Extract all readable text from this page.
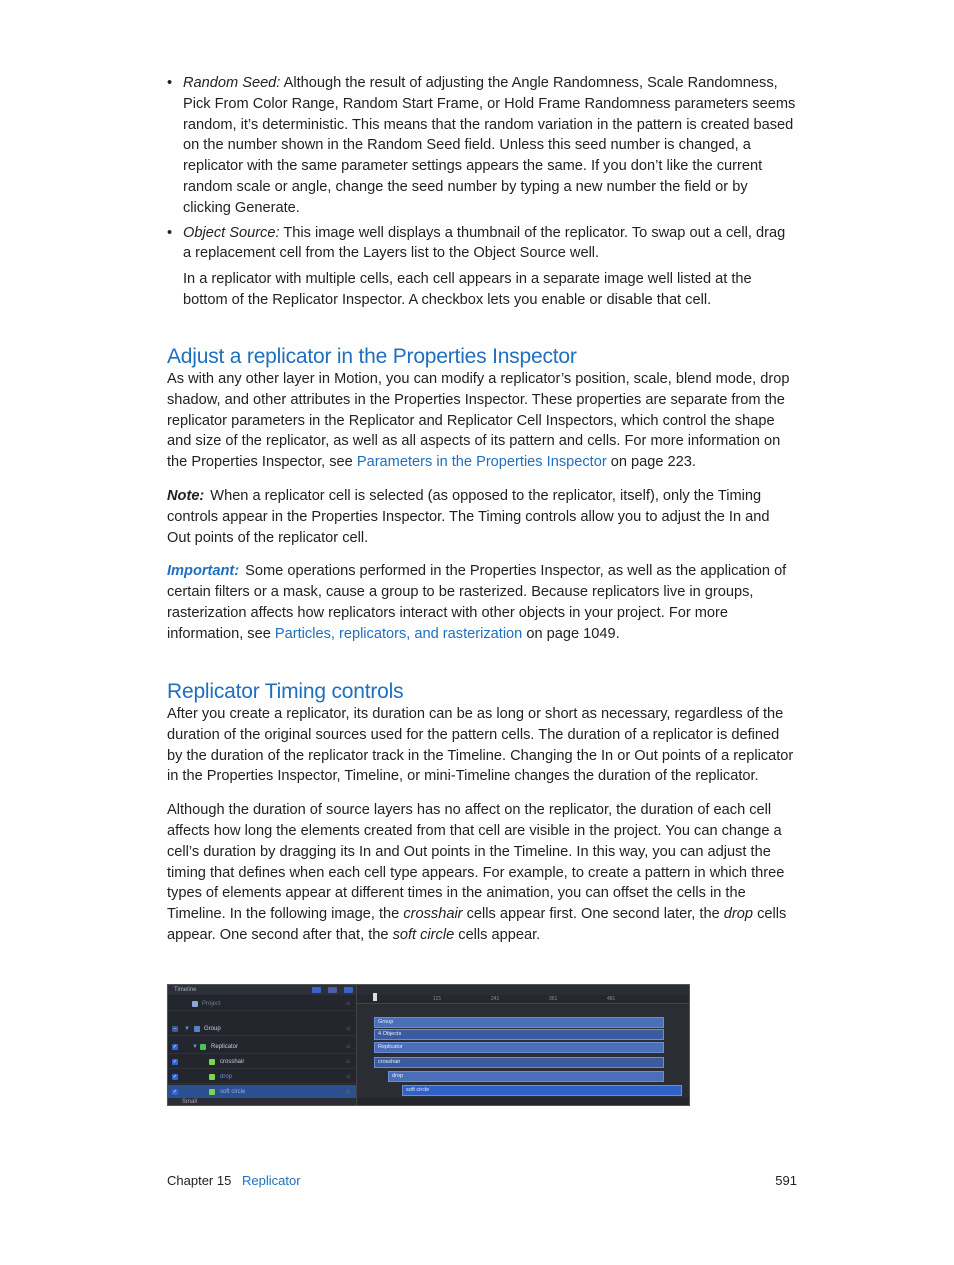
• Random Seed: Although the result of adjusting the Angle Randomness, Scale Randomness, Pick From Color Range, Random Start Frame, or Hold Frame Randomness parameters seems random, it’s deterministic. This means that the random variation in the pattern is created based on the number shown in the Random Seed field. Unless this seed number is changed, a replicator with the same parameter settings appears the same. If you don’t like the current random scale or angle, change the seed number by typing a new number the field or by clicking Generate.

• Object Source: This image well displays a thumbnail of the replicator. To swap out a cell, drag a replacement cell from the Layers list to the Object Source well.

In a replicator with multiple cells, each cell appears in a separate image well listed at the bottom of the Replicator Inspector. A checkbox lets you enable or disable that cell.

Adjust a replicator in the Properties Inspector

As with any other layer in Motion, you can modify a replicator’s position, scale, blend mode, drop shadow, and other attributes in the Properties Inspector. These properties are separate from the replicator parameters in the Replicator and Replicator Cell Inspectors, which control the shape and size of the replicator, as well as all aspects of its pattern and cells. For more information on the Properties Inspector, see Parameters in the Properties Inspector on page 223.

Note: When a replicator cell is selected (as opposed to the replicator, itself), only the Timing controls appear in the Properties Inspector. The Timing controls allow you to adjust the In and Out points of the replicator cell.

Important: Some operations performed in the Properties Inspector, as well as the application of certain filters or a mask, cause a group to be rasterized. Because replicators live in groups, rasterization affects how replicators interact with other objects in your project. For more information, see Particles, replicators, and rasterization on page 1049.

Replicator Timing controls

After you create a replicator, its duration can be as long or short as necessary, regardless of the duration of the original sources used for the pattern cells. The duration of a replicator is defined by the duration of the replicator track in the Timeline. Changing the In or Out points of a replicator in the Properties Inspector, Timeline, or mini-Timeline changes the duration of the replicator.

Although the duration of source layers has no affect on the replicator, the duration of each cell affects how long the elements created from that cell are visible in the project. You can change a cell’s duration by dragging its In and Out points in the Timeline. In this way, you can adjust the timing that defines when each cell type appears. For example, to create a pattern in which three types of elements appear at different times in the animation, you can offset the cells in the Timeline. In the following image, the crosshair cells appear first. One second later, the drop cells appear. One second after that, the soft circle cells appear.

Timeline
Project	⌂
– ▼ Group	⌂
✓ ▼ Replicator	⌂
✓	crosshair	⌂
✓	drop	⌂
✓	soft circle	⌂
Small
121	241	361	481
Group
4 Objects
Replicator
crosshair
drop
soft circle
Chapter 15 Replicator	591
